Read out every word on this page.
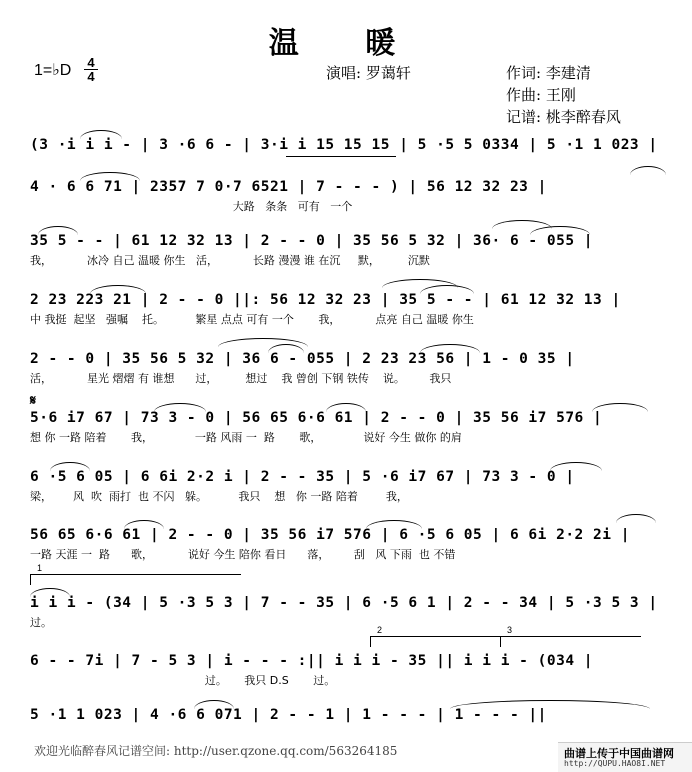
温 暖
1=♭D 4
4	演唱: 罗蔼轩	作词: 李建清
作曲: 王刚
记谱: 桃李醉春风
(3 ·i i i - | 3 ·6 6 - | 3·i i 15 15 15 | 5 ·5 5 0334 | 5 ·1 1 023 |
4 · 6 6 71 | 2357 7 0·7 6521 | 7 - - - ) | 56 12 32 23 |
大路   条条   可有   一个
35 5 - - | 61 12 32 13 | 2 - - 0 | 35 56 5 32 | 36· 6 - 055 |
我，          冰冷 自己 温暖 你生   活，          长路 漫漫 谁 在沉     默，        沉默
2 23 223 21 | 2 - - 0 ||: 56 12 32 23 | 35 5 - - | 61 12 32 13 |
中 我挺  起坚   强嘱    托。         繁星 点点 可有 一个       我，          点亮 自己 温暖 你生
2 - - 0 | 35 56 5 32 | 36 6 - 055 | 2 23 23 56 | 1 - 0 35 |
活，          星光 熠熠 有 谁想      过，        想过    我 曾创 下钢 铁传    说。       我只
𝄋
5·6 i7 67 | 73 3 - 0 | 56 65 6·6 61 | 2 - - 0 | 35 56 i7 576 |
想 你 一路 陪着       我，            一路 风雨 一  路       歌，            说好 今生 做你 的肩
6 ·5 6 05 | 6 6i 2·2 i | 2 - - 35 | 5 ·6 i7 67 | 73 3 - 0 |
梁，      风  吹  雨打  也 不闪   躲。         我只    想   你 一路 陪着        我，
56 65 6·6 61 | 2 - - 0 | 35 56 i7 576 | 6 ·5 6 05 | 6 6i 2·2 2i |
一路 天涯 一  路      歌，          说好 今生 陪你 看日      落，       刮   风 下雨  也 不错
1
i i i - (34 | 5 ·3 5 3 | 7 - - 35 | 6 ·5 6 1 | 2 - - 34 | 5 ·3 5 3 |
过。
2	3
6 - - 7i | 7 - 5 3 | i - - - :|| i i i - 35 || i i i - (034 |
过。     我只 D.S       过。
5 ·1 1 023 | 4 ·6 6 071 | 2 - - 1 | 1 - - - | 1 - - - ||
欢迎光临醉春风记谱空间: http://user.qzone.qq.com/563264185	曲谱上传于中国曲谱网
http://QUPU.HAO8I.NET
